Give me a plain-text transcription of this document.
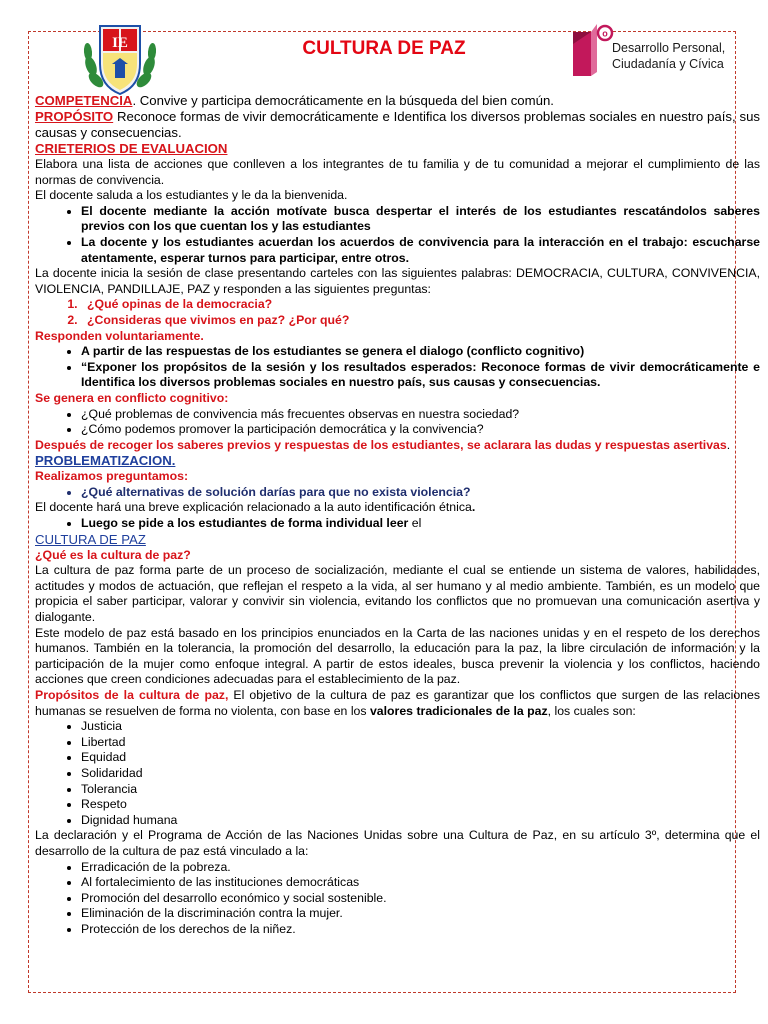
IE	CULTURA DE PAZ
o
Desarrollo Personal,
Ciudadanía y Cívica

COMPETENCIA. Convive y participa democráticamente en la búsqueda del bien común.

PROPÓSITO Reconoce formas de vivir democráticamente e Identifica los diversos problemas sociales en nuestro país, sus causas y consecuencias.

CRIETERIOS DE EVALUACION

Elabora una lista de acciones que conlleven a los integrantes de tu familia y de tu comunidad a mejorar el cumplimiento de las normas de convivencia.

El docente saluda a los estudiantes y le da la bienvenida.

• El docente mediante la acción motívate busca despertar el interés de los estudiantes rescatándolos saberes previos con los que cuentan los y las estudiantes
• La docente y los estudiantes acuerdan los acuerdos de convivencia para la interacción en el trabajo: escucharse atentamente, esperar turnos para participar, entre otros.

La docente inicia la sesión de clase presentando carteles con las siguientes palabras: DEMOCRACIA, CULTURA, CONVIVENCIA, VIOLENCIA, PANDILLAJE, PAZ y responden a las siguientes preguntas:

1. ¿Qué opinas de la democracia?
2. ¿Consideras que vivimos en paz? ¿Por qué?

Responden voluntariamente.

• A partir de las respuestas de los estudiantes se genera el dialogo (conflicto cognitivo)
• “Exponer los propósitos de la sesión y los resultados esperados: Reconoce formas de vivir democráticamente e Identifica los diversos problemas sociales en nuestro país, sus causas y consecuencias.

Se genera en conflicto cognitivo:

• ¿Qué problemas de convivencia más frecuentes observas en nuestra sociedad?
• ¿Cómo podemos promover la participación democrática y la convivencia?

Después de recoger los saberes previos y respuestas de los estudiantes, se aclarara las dudas y respuestas asertivas.

PROBLEMATIZACION.

Realizamos preguntamos:

• ¿Qué alternativas de solución darías para que no exista violencia?

El docente hará una breve explicación relacionado a la auto identificación étnica.

• Luego se pide a los estudiantes de forma individual leer el

CULTURA DE PAZ

¿Qué es la cultura de paz?

La cultura de paz forma parte de un proceso de socialización, mediante el cual se entiende un sistema de valores, habilidades, actitudes y modos de actuación, que reflejan el respeto a la vida, al ser humano y al medio ambiente. También, es un modelo que propicia el saber participar, valorar y convivir sin violencia, evitando los conflictos que no promuevan una comunicación asertiva y dialogante.

Este modelo de paz está basado en los principios enunciados en la Carta de las naciones unidas y en el respeto de los derechos humanos. También en la tolerancia, la promoción del desarrollo, la educación para la paz, la libre circulación de información y la participación de la mujer como enfoque integral. A partir de estos ideales, busca prevenir la violencia y los conflictos, haciendo acciones que creen condiciones adecuadas para el establecimiento de la paz.

Propósitos de la cultura de paz, El objetivo de la cultura de paz es garantizar que los conflictos que surgen de las relaciones humanas se resuelven de forma no violenta, con base en los valores tradicionales de la paz, los cuales son:

• Justicia
• Libertad
• Equidad
• Solidaridad
• Tolerancia
• Respeto
• Dignidad humana

La declaración y el Programa de Acción de las Naciones Unidas sobre una Cultura de Paz, en su artículo 3º, determina que el desarrollo de la cultura de paz está vinculado a la:

• Erradicación de la pobreza.
• Al fortalecimiento de las instituciones democráticas
• Promoción del desarrollo económico y social sostenible.
• Eliminación de la discriminación contra la mujer.
• Protección de los derechos de la niñez.
